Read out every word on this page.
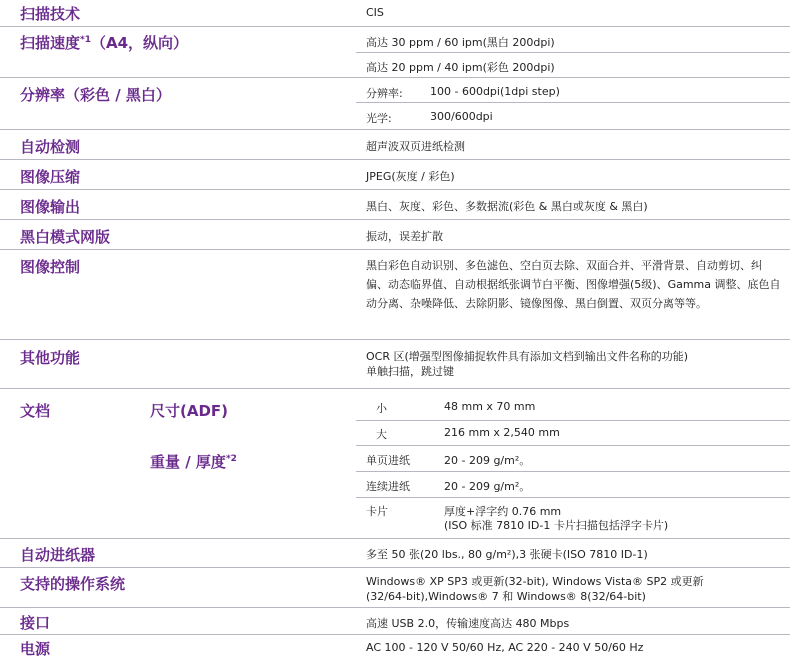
扫描技术	CIS
扫描速度$^{*1}$（A4，纵向）	高达 30 ppm / 60 ipm(黑白 200dpi)
高达 20 ppm / 40 ipm(彩色 200dpi)
分辨率（彩色 / 黑白）	分辨率: 100 - 600dpi(1dpi step)
光学:	300/600dpi
自动检测	超声波双页进纸检测
图像压缩	JPEG(灰度 / 彩色)
图像输出	黑白、灰度、彩色、多数据流(彩色 & 黑白或灰度 & 黑白)
黑白模式网版	振动，误差扩散
图像控制	黑白彩色自动识别、多色滤色、空白页去除、双面合并、平滑背景、自动剪切、纠偏、动态临界值、自动根据纸张调节白平衡、图像增强(5级)、Gamma 调整、底色自动分离、杂噪降低、去除阴影、镜像图像、黑白倒置、双页分离等等。
其他功能	OCR 区(增强型图像捕捉软件具有添加文档到输出文件名称的功能)
单触扫描，跳过键
文档	尺寸(ADF)	小	48 mm x 70 mm
大	216 mm x 2,540 mm
重量 / 厚度$^{*2}$	单页进纸	20 - 209 g/m²。
连续进纸	20 - 209 g/m²。
卡片	厚度+浮字约 0.76 mm
(ISO 标准 7810 ID-1 卡片扫描包括浮字卡片)
自动进纸器	多至 50 张(20 lbs., 80 g/m²),3 张硬卡(ISO 7810 ID-1)
支持的操作系统	Windows® XP SP3 或更新(32-bit), Windows Vista® SP2 或更新
(32/64-bit),Windows® 7 和 Windows® 8(32/64-bit)
接口	高速 USB 2.0，传输速度高达 480 Mbps
电源	AC 100 - 120 V 50/60 Hz, AC 220 - 240 V 50/60 Hz
